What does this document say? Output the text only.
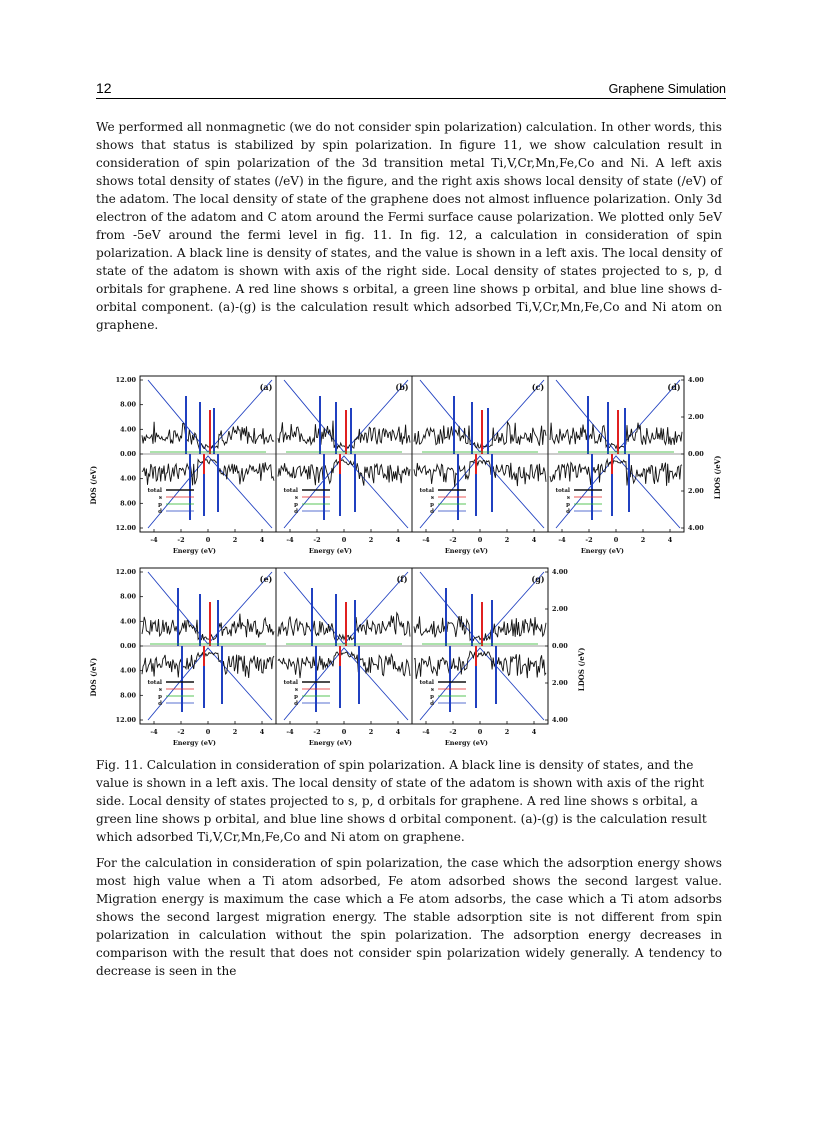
12	Graphene Simulation

We performed all nonmagnetic (we do not consider spin polarization) calculation. In other words, this shows that status is stabilized by spin polarization. In figure 11, we show calculation result in consideration of spin polarization of the 3d transition metal Ti,V,Cr,Mn,Fe,Co and Ni. A left axis shows total density of states (/eV) in the figure, and the right axis shows local density of state (/eV) of the adatom. The local density of state of the graphene does not almost influence polarization. Only 3d electron of the adatom and C atom around the Fermi surface cause polarization. We plotted only 5eV from -5eV around the fermi level in fig. 11. In fig. 12, a calculation in consideration of spin polarization. A black line is density of states, and the value is shown in a left axis. The local density of state of the adatom is shown with axis of the right side. Local density of states projected to s, p, d orbitals for graphene. A red line shows s orbital, a green line shows p orbital, and blue line shows d-orbital component. (a)-(g) is the calculation result which adsorbed Ti,V,Cr,Mn,Fe,Co and Ni atom on graphene.

(a)
total
s
p
d
-4	-2	0	2	4
Energy (eV)
(b)
total
s
p
d
-4	-2	0	2	4
Energy (eV)
(c)
total
s
p
d
-4	-2	0	2	4
Energy (eV)
(d)
total
s
p
d
-4	-2	0	2	4
Energy (eV)
(e)
total
s
p
d
-4	-2	0	2	4
Energy (eV)
(f)
total
s
p
d
-4	-2	0	2	4
Energy (eV)
(g)
total
s
p
d
-4	-2	0	2	4
Energy (eV)
12.00
8.00
4.00
0.00
4.00
8.00
12.00
DOS (/eV)
4.00
2.00
0.00
2.00
4.00
LDOS (/eV)
12.00
8.00
4.00
0.00
4.00
8.00
12.00
DOS (/eV)
4.00
2.00
0.00
2.00
4.00
LDOS (/eV)

Fig. 11. Calculation in consideration of spin polarization. A black line is density of states, and the value is shown in a left axis. The local density of state of the adatom is shown with axis of the right side. Local density of states projected to s, p, d orbitals for graphene. A red line shows s orbital, a green line shows p orbital, and blue line shows d orbital component. (a)-(g) is the calculation result which adsorbed Ti,V,Cr,Mn,Fe,Co and Ni atom on graphene.

For the calculation in consideration of spin polarization, the case which the adsorption energy shows most high value when a Ti atom adsorbed, Fe atom adsorbed shows the second largest value. Migration energy is maximum the case which a Fe atom adsorbs, the case which a Ti atom adsorbs shows the second largest migration energy. The stable adsorption site is not different from spin polarization in calculation without the spin polarization. The adsorption energy decreases in comparison with the result that does not consider spin polarization widely generally. A tendency to decrease is seen in the
